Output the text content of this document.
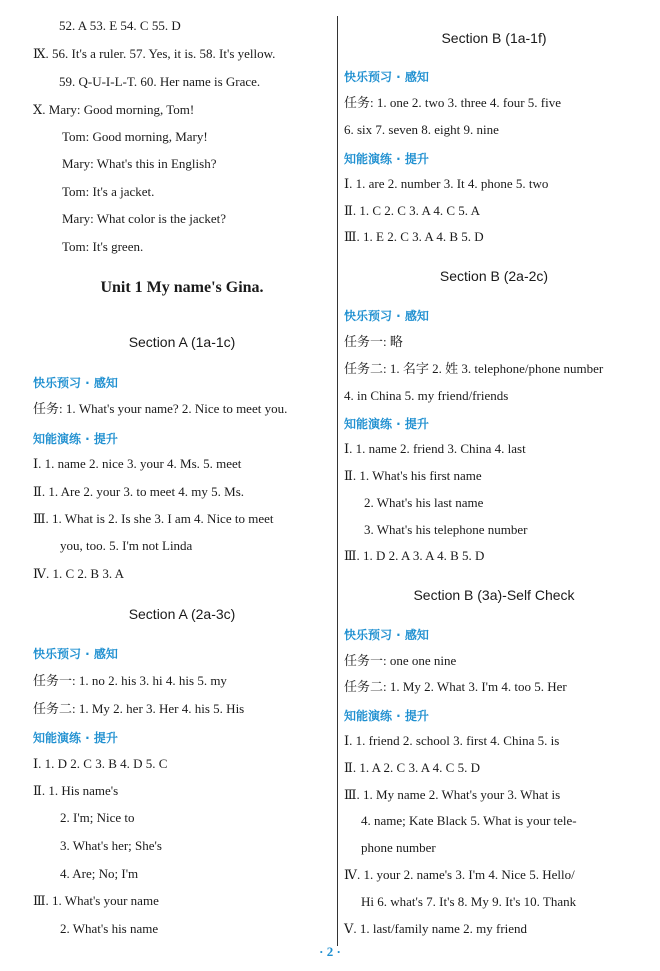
52. A 53. E 54. C 55. D
Ⅸ. 56. It's a ruler. 57. Yes, it is. 58. It's yellow.
59. Q-U-I-L-T. 60. Her name is Grace.
Ⅹ. Mary: Good morning, Tom!
Tom: Good morning, Mary!
Mary: What's this in English?
Tom: It's a jacket.
Mary: What color is the jacket?
Tom: It's green.
Unit 1 My name's Gina.
Section A (1a-1c)
快乐预习 · 感知
任务: 1. What's your name? 2. Nice to meet you.
知能演练 · 提升
Ⅰ. 1. name 2. nice 3. your 4. Ms. 5. meet
Ⅱ. 1. Are 2. your 3. to meet 4. my 5. Ms.
Ⅲ. 1. What is 2. Is she 3. I am 4. Nice to meet
you, too. 5. I'm not Linda
Ⅳ. 1. C 2. B 3. A
Section A (2a-3c)
快乐预习 · 感知
任务一: 1. no 2. his 3. hi 4. his 5. my
任务二: 1. My 2. her 3. Her 4. his 5. His
知能演练 · 提升
Ⅰ. 1. D 2. C 3. B 4. D 5. C
Ⅱ. 1. His name's
2. I'm; Nice to
3. What's her; She's
4. Are; No; I'm
Ⅲ. 1. What's your name
2. What's his name
Section B (1a-1f)
快乐预习 · 感知
任务: 1. one 2. two 3. three 4. four 5. five
6. six 7. seven 8. eight 9. nine
知能演练 · 提升
Ⅰ. 1. are 2. number 3. It 4. phone 5. two
Ⅱ. 1. C 2. C 3. A 4. C 5. A
Ⅲ. 1. E 2. C 3. A 4. B 5. D
Section B (2a-2c)
快乐预习 · 感知
任务一: 略
任务二: 1. 名字 2. 姓 3. telephone/phone number
4. in China 5. my friend/friends
知能演练 · 提升
Ⅰ. 1. name 2. friend 3. China 4. last
Ⅱ. 1. What's his first name
2. What's his last name
3. What's his telephone number
Ⅲ. 1. D 2. A 3. A 4. B 5. D
Section B (3a)-Self Check
快乐预习 · 感知
任务一: one one nine
任务二: 1. My 2. What 3. I'm 4. too 5. Her
知能演练 · 提升
Ⅰ. 1. friend 2. school 3. first 4. China 5. is
Ⅱ. 1. A 2. C 3. A 4. C 5. D
Ⅲ. 1. My name 2. What's your 3. What is
4. name; Kate Black 5. What is your tele-
phone number
Ⅳ. 1. your 2. name's 3. I'm 4. Nice 5. Hello/
Hi 6. what's 7. It's 8. My 9. It's 10. Thank
Ⅴ. 1. last/family name 2. my friend
· 2 ·
